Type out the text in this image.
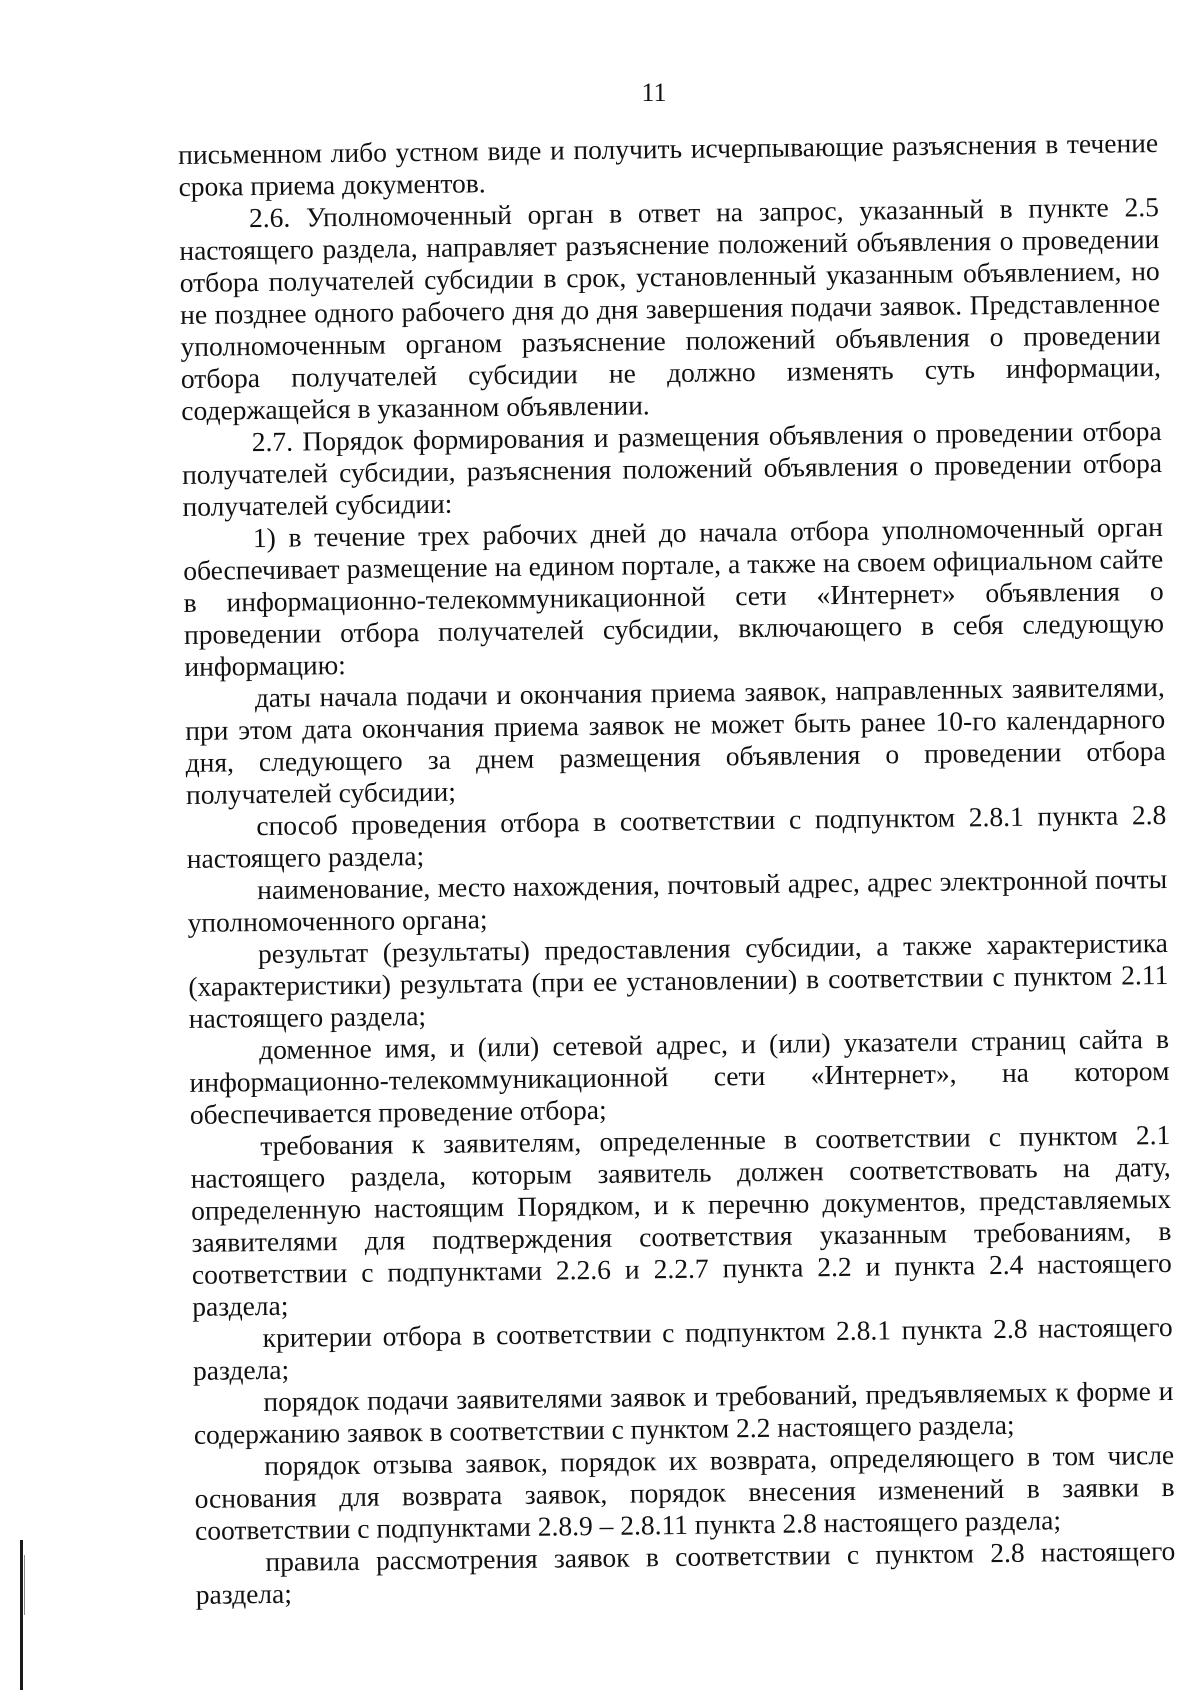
11

письменном либо устном виде и получить исчерпывающие разъяснения в течение срока приема документов.

2.6. Уполномоченный орган в ответ на запрос, указанный в пункте 2.5 настоящего раздела, направляет разъяснение положений объявления о проведении отбора получателей субсидии в срок, установленный указанным объявлением, но не позднее одного рабочего дня до дня завершения подачи заявок. Представленное уполномоченным органом разъяснение положений объявления о проведении отбора получателей субсидии не должно изменять суть информации, содержащейся в указанном объявлении.

2.7. Порядок формирования и размещения объявления о проведении отбора получателей субсидии, разъяснения положений объявления о проведении отбора получателей субсидии:

1) в течение трех рабочих дней до начала отбора уполномоченный орган обеспечивает размещение на едином портале, а также на своем официальном сайте в информационно-телекоммуникационной сети «Интернет» объявления о проведении отбора получателей субсидии, включающего в себя следующую информацию:

даты начала подачи и окончания приема заявок, направленных заявителями, при этом дата окончания приема заявок не может быть ранее 10-го календарного дня, следующего за днем размещения объявления о проведении отбора получателей субсидии;

способ проведения отбора в соответствии с подпунктом 2.8.1 пункта 2.8 настоящего раздела;

наименование, место нахождения, почтовый адрес, адрес электронной почты уполномоченного органа;

результат (результаты) предоставления субсидии, а также характеристика (характеристики) результата (при ее установлении) в соответствии с пунктом 2.11 настоящего раздела;

доменное имя, и (или) сетевой адрес, и (или) указатели страниц сайта в информационно-телекоммуникационной сети «Интернет», на котором обеспечивается проведение отбора;

требования к заявителям, определенные в соответствии с пунктом 2.1 настоящего раздела, которым заявитель должен соответствовать на дату, определенную настоящим Порядком, и к перечню документов, представляемых заявителями для подтверждения соответствия указанным требованиям, в соответствии с подпунктами 2.2.6 и 2.2.7 пункта 2.2 и пункта 2.4 настоящего раздела;

критерии отбора в соответствии с подпунктом 2.8.1 пункта 2.8 настоящего раздела;

порядок подачи заявителями заявок и требований, предъявляемых к форме и содержанию заявок в соответствии с пунктом 2.2 настоящего раздела;

порядок отзыва заявок, порядок их возврата, определяющего в том числе основания для возврата заявок, порядок внесения изменений в заявки в соответствии с подпунктами 2.8.9 – 2.8.11 пункта 2.8 настоящего раздела;

правила рассмотрения заявок в соответствии с пунктом 2.8 настоящего раздела;
